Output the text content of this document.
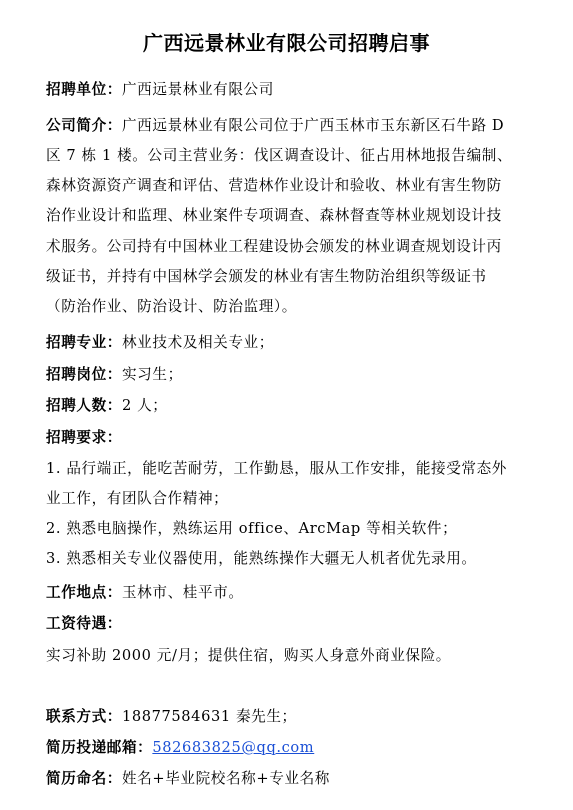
广西远景林业有限公司招聘启事
招聘单位：广西远景林业有限公司
公司简介：广西远景林业有限公司位于广西玉林市玉东新区石牛路 D
区 7 栋 1 楼。公司主营业务：伐区调查设计、征占用林地报告编制、
森林资源资产调查和评估、营造林作业设计和验收、林业有害生物防
治作业设计和监理、林业案件专项调查、森林督查等林业规划设计技
术服务。公司持有中国林业工程建设协会颁发的林业调查规划设计丙
级证书，并持有中国林学会颁发的林业有害生物防治组织等级证书
（防治作业、防治设计、防治监理）。
招聘专业：林业技术及相关专业；
招聘岗位：实习生；
招聘人数：2 人；
招聘要求：
1. 品行端正，能吃苦耐劳，工作勤恳，服从工作安排，能接受常态外
业工作，有团队合作精神；
2. 熟悉电脑操作，熟练运用 office、ArcMap 等相关软件；
3. 熟悉相关专业仪器使用，能熟练操作大疆无人机者优先录用。
工作地点：玉林市、桂平市。
工资待遇：
实习补助 2000 元/月；提供住宿，购买人身意外商业保险。
联系方式：18877584631 秦先生；
简历投递邮箱：582683825@qq.com
简历命名：姓名+毕业院校名称+专业名称
